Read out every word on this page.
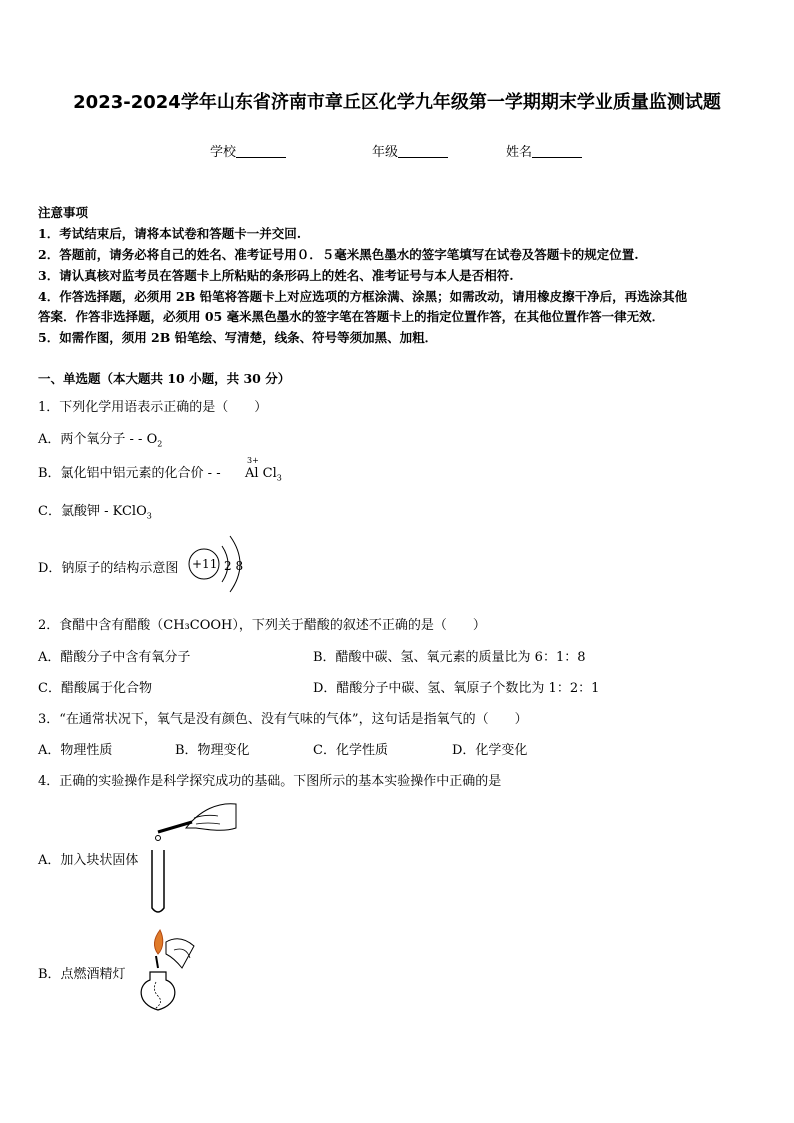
2023-2024学年山东省济南市章丘区化学九年级第一学期期末学业质量监测试题
学校	年级	姓名
注意事项
1．考试结束后，请将本试卷和答题卡一并交回.
2．答题前，请务必将自己的姓名、准考证号用０．５毫米黑色墨水的签字笔填写在试卷及答题卡的规定位置.
3．请认真核对监考员在答题卡上所粘贴的条形码上的姓名、准考证号与本人是否相符.
4．作答选择题，必须用 2B 铅笔将答题卡上对应选项的方框涂满、涂黑；如需改动，请用橡皮擦干净后，再选涂其他
答案．作答非选择题，必须用 05 毫米黑色墨水的签字笔在答题卡上的指定位置作答，在其他位置作答一律无效．
5．如需作图，须用 2B 铅笔绘、写清楚，线条、符号等须加黑、加粗．
一、单选题（本大题共 10 小题，共 30 分）
1．下列化学用语表示正确的是（　　）
A．两个氧分子 - - $O_2$
B．氯化铝中铝元素的化合价 - -
3+
Al $Cl_3$
C．氯酸钾 - KClO$_3$
D．钠原子的结构示意图 +11 2 8
2．食醋中含有醋酸（CH₃COOH），下列关于醋酸的叙述不正确的是（　　）
A．醋酸分子中含有氧分子	B．醋酸中碳、氢、氧元素的质量比为 6：1：8
C．醋酸属于化合物	D．醋酸分子中碳、氢、氧原子个数比为 1：2：1
3．“在通常状况下，氧气是没有颜色、没有气味的气体”，这句话是指氧气的（　　）
A．物理性质	B．物理变化	C．化学性质	D．化学变化
4．正确的实验操作是科学探究成功的基础。下图所示的基本实验操作中正确的是
A．加入块状固体
B．点燃酒精灯
